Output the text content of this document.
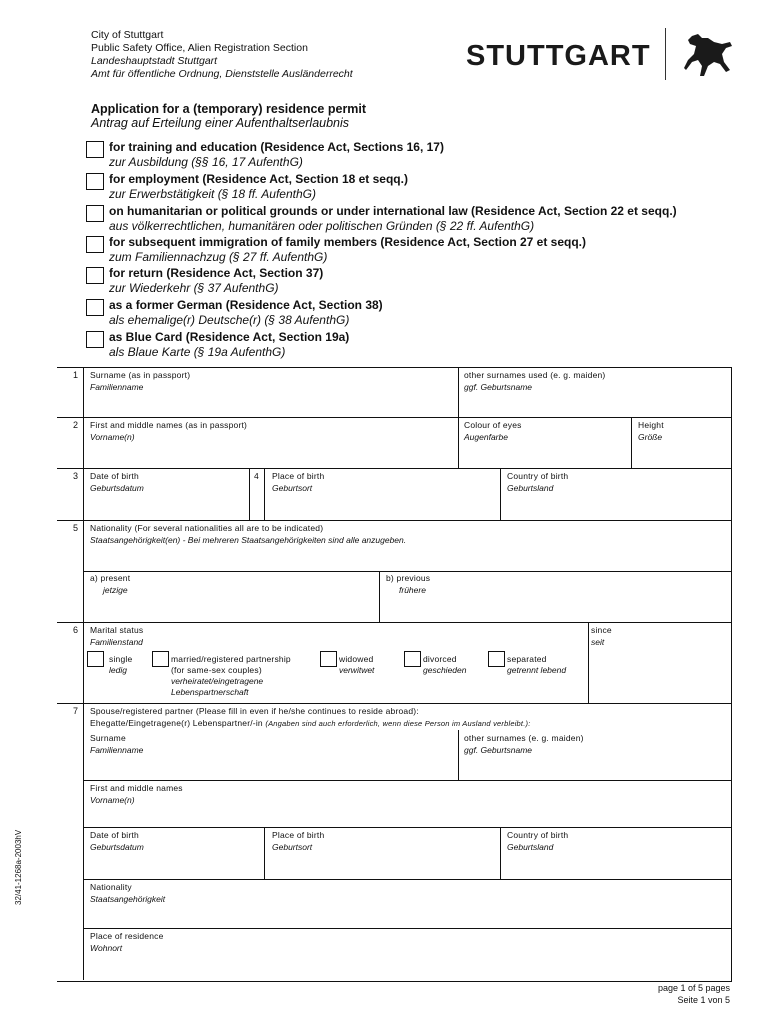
City of Stuttgart
Public Safety Office, Alien Registration Section
Landeshauptstadt Stuttgart
Amt für öffentliche Ordnung, Dienststelle Ausländerrecht
STUTTGART
Application for a (temporary) residence permit
Antrag auf Erteilung einer Aufenthaltserlaubnis
for training and education (Residence Act, Sections 16, 17)
zur Ausbildung (§§ 16, 17 AufenthG)
for employment (Residence Act, Section 18 et seqq.)
zur Erwerbstätigkeit (§ 18 ff. AufenthG)
on humanitarian or political grounds or under international law (Residence Act, Section 22 et seqq.)
aus völkerrechtlichen, humanitären oder politischen Gründen (§ 22 ff. AufenthG)
for subsequent immigration of family members (Residence Act, Section 27 et seqq.)
zum Familiennachzug (§ 27 ff. AufenthG)
for return (Residence Act, Section 37)
zur Wiederkehr (§ 37 AufenthG)
as a former German (Residence Act, Section 38)
als ehemalige(r) Deutsche(r) (§ 38 AufenthG)
as Blue Card (Residence Act, Section 19a)
als Blaue Karte (§ 19a AufenthG)
1 Surname (as in passport)
Familienname
other surnames used (e. g. maiden)
ggf. Geburtsname
2 First and middle names (as in passport)
Vorname(n)
Colour of eyes
Augenfarbe
Height
Größe
3 Date of birth
Geburtsdatum
4 Place of birth
Geburtsort
Country of birth
Geburtsland
5 Nationality (For several nationalities all are to be indicated)
Staatsangehörigkeit(en) - Bei mehreren Staatsangehörigkeiten sind alle anzugeben.
a) present
jetzige
b) previous
frühere
6 Marital status
Familienstand
since
seit
single
ledig
married/registered partnership
(for same-sex couples)
verheiratet/eingetragene
Lebenspartnerschaft
widowed
verwitwet
divorced
geschieden
separated
getrennt lebend
7 Spouse/registered partner (Please fill in even if he/she continues to reside abroad):
Ehegatte/Eingetragene(r) Lebenspartner/-in (Angaben sind auch erforderlich, wenn diese Person im Ausland verbleibt.):
Surname
Familienname
other surnames (e. g. maiden)
ggf. Geburtsname
First and middle names
Vorname(n)
Date of birth
Geburtsdatum
Place of birth
Geburtsort
Country of birth
Geburtsland
Nationality
Staatsangehörigkeit
Place of residence
Wohnort
32/41-1268a-2003hV
page 1 of 5 pages
Seite 1 von 5
